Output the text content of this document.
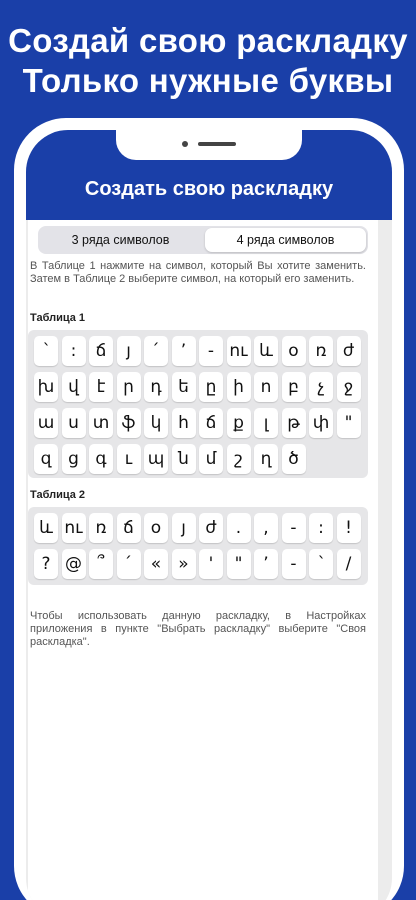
Создай свою раскладку
Только нужные буквы
Создать свою раскладку
3 ряда символов	4 ряда символов
В Таблице 1 нажмите на символ, который Вы хотите заменить. Затем в Таблице 2 выберите символ, на который его заменить.
Таблица 1
՝	:	ճ	յ	՛	’	- ու և o ռ ժ
խ վ	է	ր դ ե ը ի ո բ	չ	ջ
ա ս տ ֆ կ հ ճ ք	լ	թ փ "
զ ց գ	ւ պ ն մ	շ	ղ ծ
Таблица 2
և ու ռ ճ o	յ	ժ	.	,	-	:	!
? @ ՞	՛	«	»	'	"	’	-	՝	/
Чтобы использовать данную раскладку, в Настройках приложения в пункте "Выбрать раскладку" выберите "Своя раскладка".
